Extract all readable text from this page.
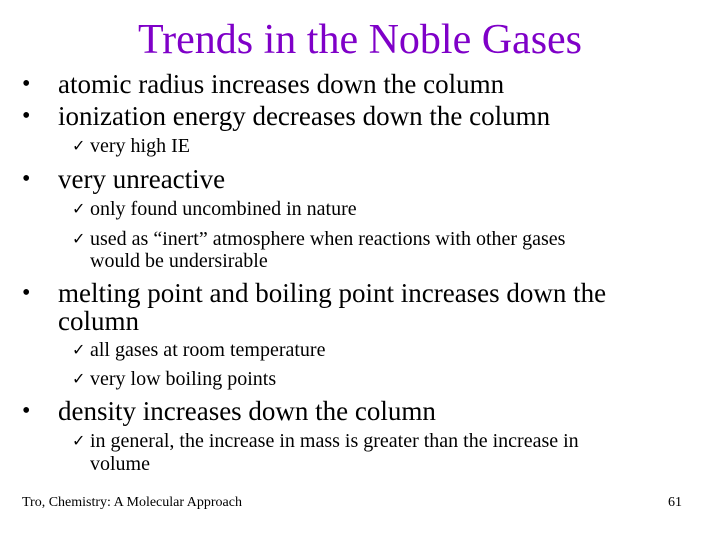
Trends in the Noble Gases
• atomic radius increases down the column
• ionization energy decreases down the column
✓ very high IE
• very unreactive
✓ only found uncombined in nature
✓ used as “inert” atmosphere when reactions with other gases
would be undersirable
• melting point and boiling point increases down the
column
✓ all gases at room temperature
✓ very low boiling points
• density increases down the column
✓ in general, the increase in mass is greater than the increase in
volume
Tro, Chemistry: A Molecular Approach	61
